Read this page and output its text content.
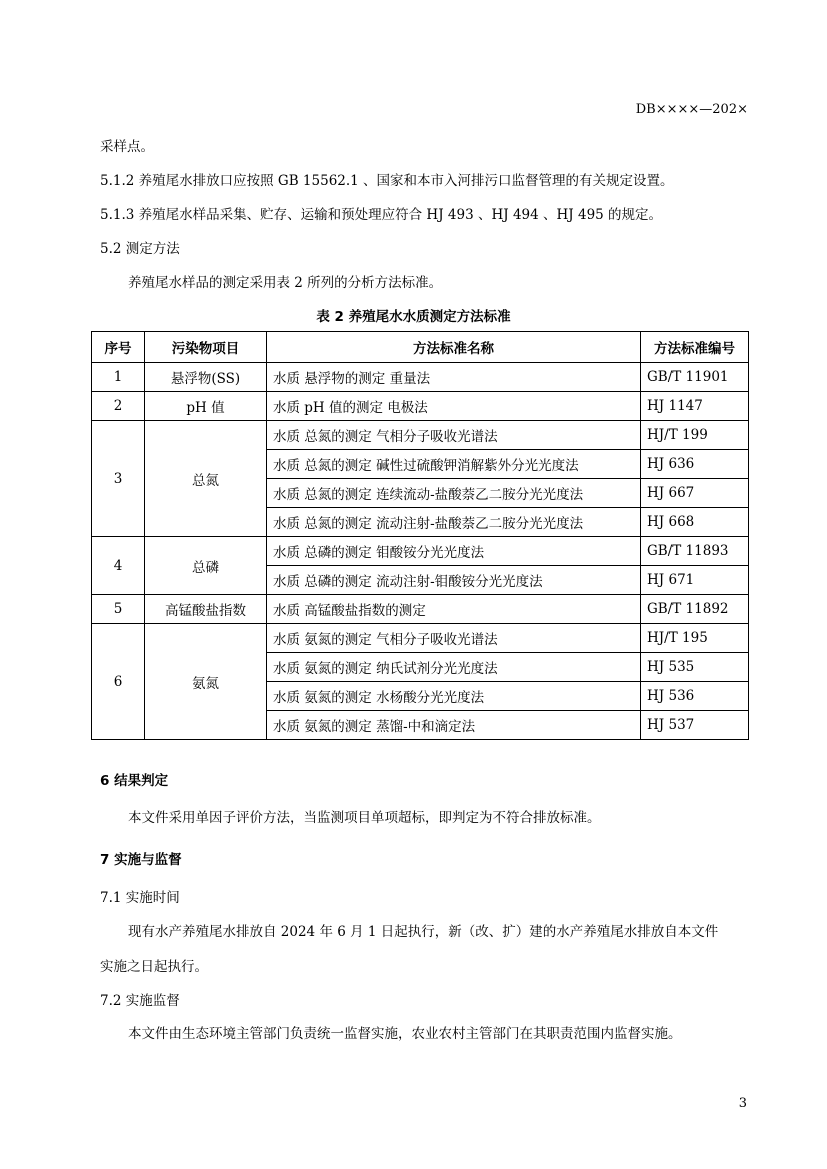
DB××××—202×
采样点。
5.1.2 养殖尾水排放口应按照 GB 15562.1 、国家和本市入河排污口监督管理的有关规定设置。
5.1.3 养殖尾水样品采集、贮存、运输和预处理应符合 HJ 493 、HJ 494 、HJ 495 的规定。
5.2 测定方法
养殖尾水样品的测定采用表 2 所列的分析方法标准。
表 2 养殖尾水水质测定方法标准
序号	污染物项目	方法标准名称	方法标准编号
1	悬浮物(SS)	水质 悬浮物的测定 重量法	GB/T 11901
2	pH 值	水质 pH 值的测定 电极法	HJ 1147
3	总氮	水质 总氮的测定 气相分子吸收光谱法	HJ/T 199
		水质 总氮的测定 碱性过硫酸钾消解紫外分光光度法	HJ 636
		水质 总氮的测定 连续流动-盐酸萘乙二胺分光光度法	HJ 667
		水质 总氮的测定 流动注射-盐酸萘乙二胺分光光度法	HJ 668
4	总磷	水质 总磷的测定 钼酸铵分光光度法	GB/T 11893
		水质 总磷的测定 流动注射-钼酸铵分光光度法	HJ 671
5	高锰酸盐指数	水质 高锰酸盐指数的测定	GB/T 11892
6	氨氮	水质 氨氮的测定 气相分子吸收光谱法	HJ/T 195
		水质 氨氮的测定 纳氏试剂分光光度法	HJ 535
		水质 氨氮的测定 水杨酸分光光度法	HJ 536
		水质 氨氮的测定 蒸馏-中和滴定法	HJ 537
6 结果判定
本文件采用单因子评价方法，当监测项目单项超标，即判定为不符合排放标准。
7 实施与监督
7.1 实施时间
现有水产养殖尾水排放自 2024 年 6 月 1 日起执行，新（改、扩）建的水产养殖尾水排放自本文件
实施之日起执行。
7.2 实施监督
本文件由生态环境主管部门负责统一监督实施，农业农村主管部门在其职责范围内监督实施。
3
